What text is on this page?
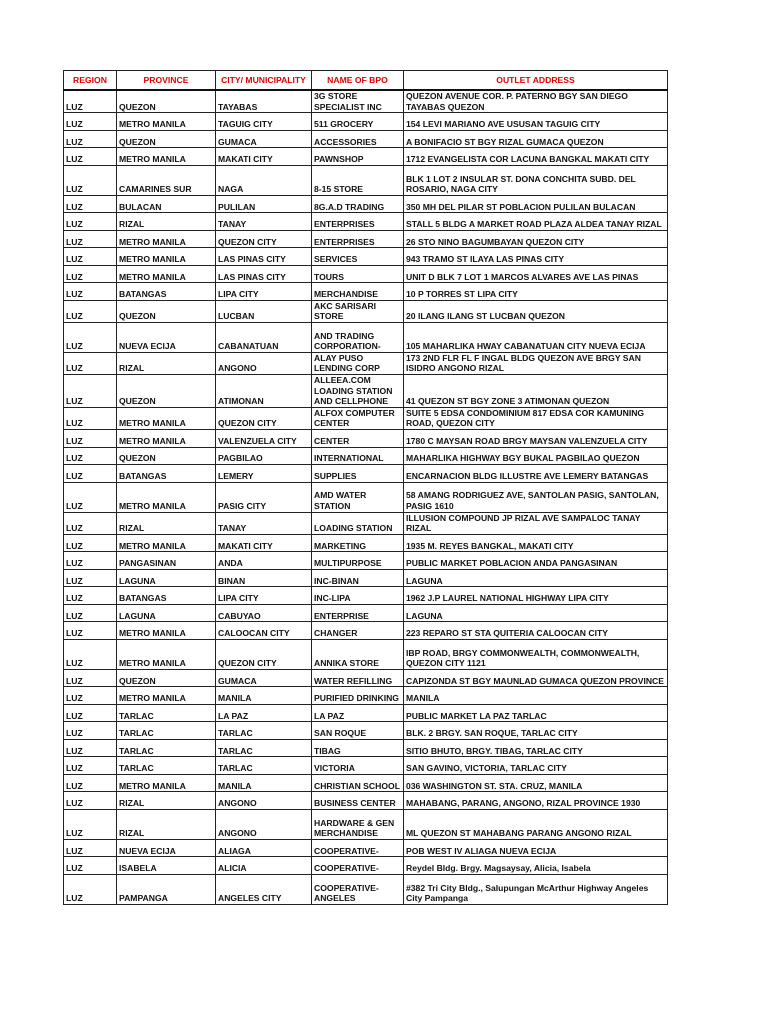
REGION	PROVINCE	CITY/ MUNICIPALITY	NAME OF BPO	OUTLET ADDRESS
LUZ	QUEZON	TAYABAS	3G STORE SPECIALIST INC	QUEZON AVENUE COR. P. PATERNO BGY SAN DIEGO TAYABAS QUEZON
LUZ	METRO MANILA	TAGUIG CITY	511 GROCERY	154 LEVI MARIANO AVE USUSAN TAGUIG CITY
LUZ	QUEZON	GUMACA	ACCESSORIES	A BONIFACIO ST BGY RIZAL GUMACA QUEZON
LUZ	METRO MANILA	MAKATI CITY	PAWNSHOP	1712 EVANGELISTA COR LACUNA BANGKAL MAKATI CITY
LUZ	CAMARINES SUR	NAGA	8-15 STORE	BLK 1 LOT 2 INSULAR ST. DONA CONCHITA SUBD. DEL ROSARIO, NAGA CITY
LUZ	BULACAN	PULILAN	8G.A.D TRADING	350 MH DEL PILAR ST POBLACION PULILAN BULACAN
LUZ	RIZAL	TANAY	ENTERPRISES	STALL 5 BLDG A MARKET ROAD PLAZA ALDEA TANAY RIZAL
LUZ	METRO MANILA	QUEZON CITY	ENTERPRISES	26 STO NINO BAGUMBAYAN QUEZON CITY
LUZ	METRO MANILA	LAS PINAS CITY	SERVICES	943 TRAMO ST ILAYA LAS PINAS CITY
LUZ	METRO MANILA	LAS PINAS CITY	TOURS	UNIT D BLK 7 LOT 1 MARCOS ALVARES AVE LAS PINAS
LUZ	BATANGAS	LIPA CITY	MERCHANDISE	10 P TORRES ST LIPA CITY
LUZ	QUEZON	LUCBAN	AKC SARISARI STORE	20 ILANG ILANG ST LUCBAN QUEZON
LUZ	NUEVA ECIJA	CABANATUAN	AND TRADING CORPORATION-	105 MAHARLIKA HWAY CABANATUAN CITY NUEVA ECIJA
LUZ	RIZAL	ANGONO	ALAY PUSO LENDING CORP	173 2ND FLR FL F INGAL BLDG QUEZON AVE BRGY SAN ISIDRO ANGONO RIZAL
LUZ	QUEZON	ATIMONAN	ALLEEA.COM LOADING STATION AND CELLPHONE	41 QUEZON ST BGY ZONE 3 ATIMONAN QUEZON
LUZ	METRO MANILA	QUEZON CITY	ALFOX COMPUTER CENTER	SUITE 5 EDSA CONDOMINIUM 817 EDSA COR KAMUNING ROAD, QUEZON CITY
LUZ	METRO MANILA	VALENZUELA CITY	CENTER	1780 C MAYSAN ROAD BRGY MAYSAN VALENZUELA CITY
LUZ	QUEZON	PAGBILAO	INTERNATIONAL	MAHARLIKA HIGHWAY BGY BUKAL PAGBILAO QUEZON
LUZ	BATANGAS	LEMERY	SUPPLIES	ENCARNACION BLDG ILLUSTRE AVE LEMERY BATANGAS
LUZ	METRO MANILA	PASIG CITY	AMD WATER STATION	58 AMANG RODRIGUEZ AVE, SANTOLAN PASIG, SANTOLAN, PASIG 1610
LUZ	RIZAL	TANAY	LOADING STATION	ILLUSION COMPOUND JP RIZAL AVE SAMPALOC TANAY RIZAL
LUZ	METRO MANILA	MAKATI CITY	MARKETING	1935 M. REYES BANGKAL, MAKATI CITY
LUZ	PANGASINAN	ANDA	MULTIPURPOSE	PUBLIC MARKET POBLACION ANDA PANGASINAN
LUZ	LAGUNA	BINAN	INC-BINAN	LAGUNA
LUZ	BATANGAS	LIPA CITY	INC-LIPA	1962 J.P LAUREL NATIONAL HIGHWAY LIPA CITY
LUZ	LAGUNA	CABUYAO	ENTERPRISE	LAGUNA
LUZ	METRO MANILA	CALOOCAN CITY	CHANGER	223 REPARO ST STA QUITERIA CALOOCAN CITY
LUZ	METRO MANILA	QUEZON CITY	ANNIKA STORE	IBP ROAD, BRGY COMMONWEALTH, COMMONWEALTH, QUEZON CITY 1121
LUZ	QUEZON	GUMACA	WATER REFILLING	CAPIZONDA ST BGY MAUNLAD GUMACA QUEZON PROVINCE
LUZ	METRO MANILA	MANILA	PURIFIED DRINKING	MANILA
LUZ	TARLAC	LA PAZ	LA PAZ	PUBLIC MARKET LA PAZ TARLAC
LUZ	TARLAC	TARLAC	SAN ROQUE	BLK. 2 BRGY. SAN ROQUE, TARLAC CITY
LUZ	TARLAC	TARLAC	TIBAG	SITIO BHUTO, BRGY. TIBAG, TARLAC CITY
LUZ	TARLAC	TARLAC	VICTORIA	SAN GAVINO, VICTORIA, TARLAC CITY
LUZ	METRO MANILA	MANILA	CHRISTIAN SCHOOL	036 WASHINGTON ST. STA. CRUZ, MANILA
LUZ	RIZAL	ANGONO	BUSINESS CENTER	MAHABANG, PARANG, ANGONO, RIZAL PROVINCE 1930
LUZ	RIZAL	ANGONO	HARDWARE & GEN MERCHANDISE	ML QUEZON ST MAHABANG PARANG ANGONO RIZAL
LUZ	NUEVA ECIJA	ALIAGA	COOPERATIVE-	POB WEST IV ALIAGA NUEVA ECIJA
LUZ	ISABELA	ALICIA	COOPERATIVE-	Reydel Bldg. Brgy. Magsaysay, Alicia, Isabela
LUZ	PAMPANGA	ANGELES CITY	COOPERATIVE-ANGELES	#382 Tri City Bldg., Salupungan McArthur Highway Angeles City Pampanga
